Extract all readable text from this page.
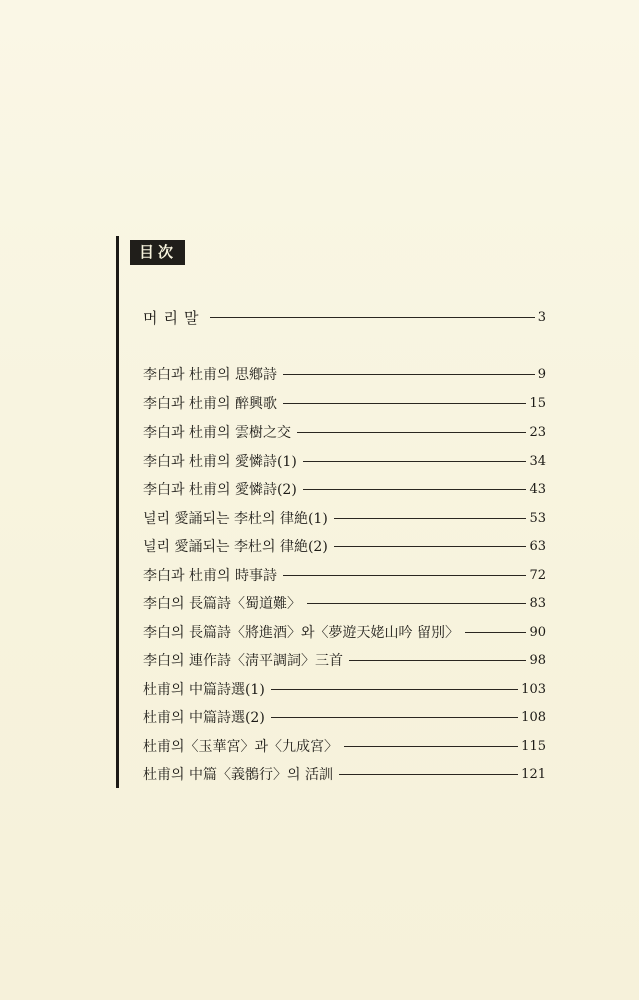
目次
머리말	3
李白과 杜甫의 思鄕詩	9
李白과 杜甫의 醉興歌	15
李白과 杜甫의 雲樹之交	23
李白과 杜甫의 愛憐詩(1)	34
李白과 杜甫의 愛憐詩(2)	43
널리 愛誦되는 李杜의 律絶(1)	53
널리 愛誦되는 李杜의 律絶(2)	63
李白과 杜甫의 時事詩	72
李白의 長篇詩〈蜀道難〉	83
李白의 長篇詩〈將進酒〉와〈夢遊天姥山吟 留別〉	90
李白의 連作詩〈淸平調詞〉三首	98
杜甫의 中篇詩選(1)	103
杜甫의 中篇詩選(2)	108
杜甫의〈玉華宮〉과〈九成宮〉	115
杜甫의 中篇〈義鶻行〉의 活訓	121
